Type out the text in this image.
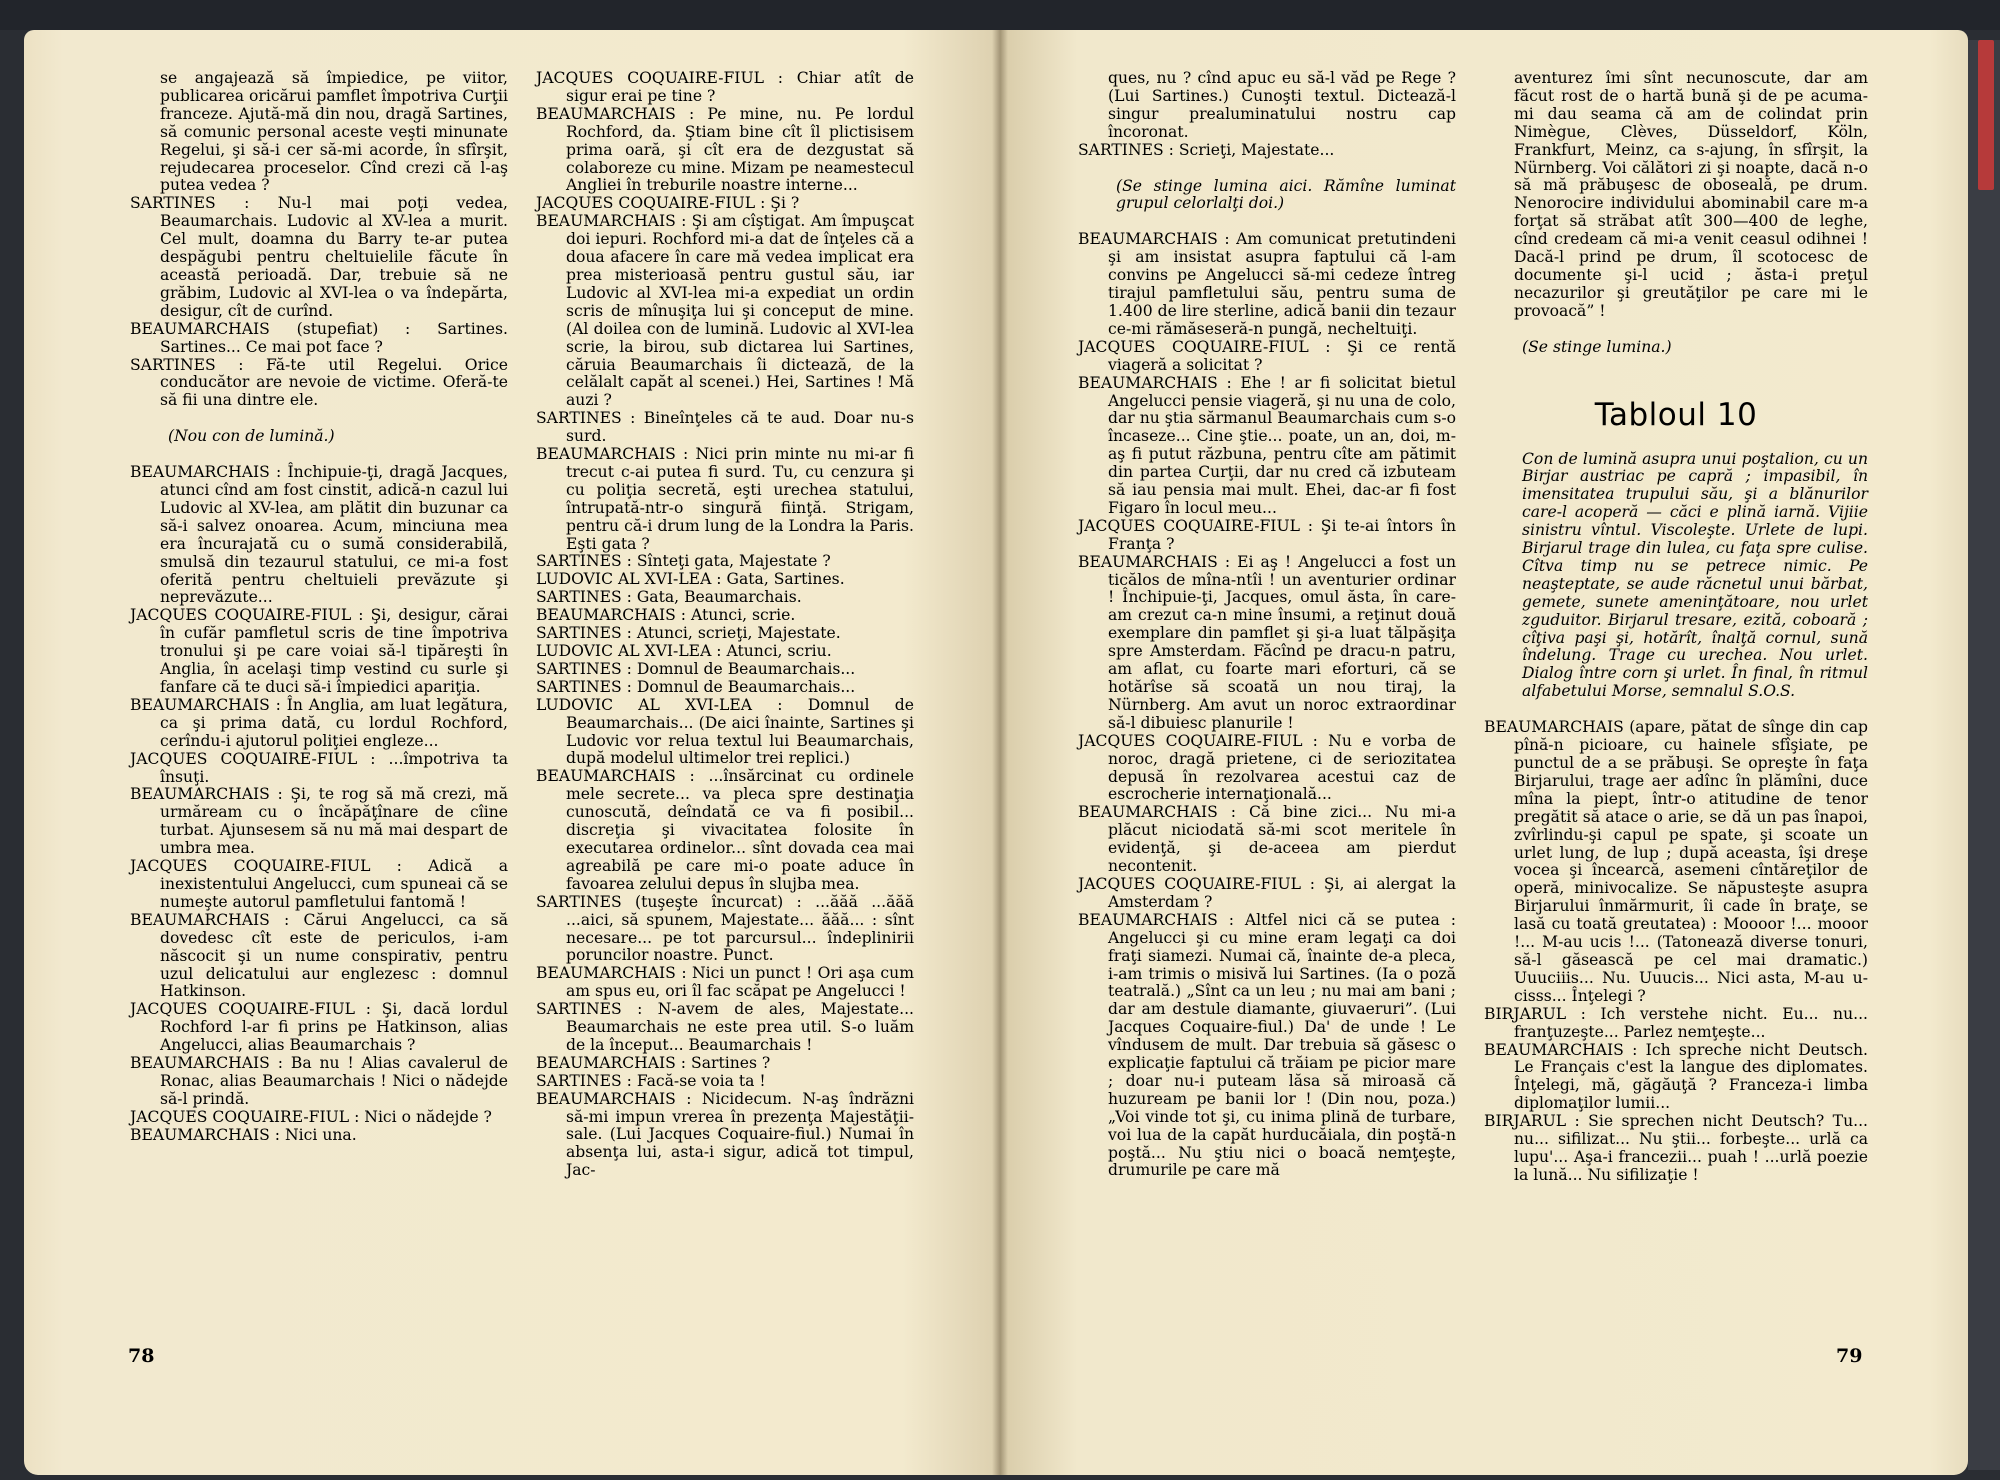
se angajează să împiedice, pe viitor, publicarea oricărui pamflet împotriva Curţii franceze. Ajută-mă din nou, dragă Sartines, să comunic personal aceste veşti minunate Regelui, şi să-i cer să-mi acorde, în sfîrşit, rejudecarea proceselor. Cînd crezi că l-aş putea vedea ?
SARTINES : Nu-l mai poţi vedea, Beaumarchais. Ludovic al XV-lea a murit. Cel mult, doamna du Barry te-ar putea despăgubi pentru cheltuielile făcute în această perioadă. Dar, trebuie să ne grăbim, Ludovic al XVI-lea o va îndepărta, desigur, cît de curînd.
BEAUMARCHAIS (stupefiat) : Sartines. Sartines... Ce mai pot face ?
SARTINES : Fă-te util Regelui. Orice conducător are nevoie de victime. Oferă-te să fii una dintre ele.
(Nou con de lumină.)
BEAUMARCHAIS : Închipuie-ţi, dragă Jacques, atunci cînd am fost cinstit, adică-n cazul lui Ludovic al XV-lea, am plătit din buzunar ca să-i salvez onoarea. Acum, minciuna mea era încurajată cu o sumă considerabilă, smulsă din tezaurul statului, ce mi-a fost oferită pentru cheltuieli prevăzute şi neprevăzute...
JACQUES COQUAIRE-FIUL : Şi, desigur, cărai în cufăr pamfletul scris de tine împotriva tronului şi pe care voiai să-l tipăreşti în Anglia, în acelaşi timp vestind cu surle şi fanfare că te duci să-i împiedici apariţia.
BEAUMARCHAIS : În Anglia, am luat legătura, ca şi prima dată, cu lordul Rochford, cerîndu-i ajutorul poliţiei engleze...
JACQUES COQUAIRE-FIUL : ...împotriva ta însuţi.
BEAUMARCHAIS : Şi, te rog să mă crezi, mă urmăream cu o încăpăţînare de cîine turbat. Ajunsesem să nu mă mai despart de umbra mea.
JACQUES COQUAIRE-FIUL : Adică a inexistentului Angelucci, cum spuneai că se numeşte autorul pamfletului fantomă !
BEAUMARCHAIS : Cărui Angelucci, ca să dovedesc cît este de periculos, i-am născocit şi un nume conspirativ, pentru uzul delicatului aur englezesc : domnul Hatkinson.
JACQUES COQUAIRE-FIUL : Şi, dacă lordul Rochford l-ar fi prins pe Hatkinson, alias Angelucci, alias Beaumarchais ?
BEAUMARCHAIS : Ba nu ! Alias cavalerul de Ronac, alias Beaumarchais ! Nici o nădejde să-l prindă.
JACQUES COQUAIRE-FIUL : Nici o nădejde ?
BEAUMARCHAIS : Nici una.
JACQUES COQUAIRE-FIUL : Chiar atît de sigur erai pe tine ?
BEAUMARCHAIS : Pe mine, nu. Pe lordul Rochford, da. Ştiam bine cît îl plictisisem prima oară, şi cît era de dezgustat să colaboreze cu mine. Mizam pe neamestecul Angliei în treburile noastre interne...
JACQUES COQUAIRE-FIUL : Şi ?
BEAUMARCHAIS : Şi am cîştigat. Am împuşcat doi iepuri. Rochford mi-a dat de înţeles că a doua afacere în care mă vedea implicat era prea misterioasă pentru gustul său, iar Ludovic al XVI-lea mi-a expediat un ordin scris de mînuşiţa lui şi conceput de mine. (Al doilea con de lumină. Ludovic al XVI-lea scrie, la birou, sub dictarea lui Sartines, căruia Beaumarchais îi dictează, de la celălalt capăt al scenei.) Hei, Sartines ! Mă auzi ?
SARTINES : Bineînţeles că te aud. Doar nu-s surd.
BEAUMARCHAIS : Nici prin minte nu mi-ar fi trecut c-ai putea fi surd. Tu, cu cenzura şi cu poliţia secretă, eşti urechea statului, întrupată-ntr-o singură fiinţă. Strigam, pentru că-i drum lung de la Londra la Paris. Eşti gata ?
SARTINES : Sînteţi gata, Majestate ?
LUDOVIC AL XVI-LEA : Gata, Sartines.
SARTINES : Gata, Beaumarchais.
BEAUMARCHAIS : Atunci, scrie.
SARTINES : Atunci, scrieţi, Majestate.
LUDOVIC AL XVI-LEA : Atunci, scriu.
SARTINES : Domnul de Beaumarchais...
SARTINES : Domnul de Beaumarchais...
LUDOVIC AL XVI-LEA : Domnul de Beaumarchais... (De aici înainte, Sartines şi Ludovic vor relua textul lui Beaumarchais, după modelul ultimelor trei replici.)
BEAUMARCHAIS : ...însărcinat cu ordinele mele secrete... va pleca spre destinaţia cunoscută, deîndată ce va fi posibil... discreţia şi vivacitatea folosite în executarea ordinelor... sînt dovada cea mai agreabilă pe care mi-o poate aduce în favoarea zelului depus în slujba mea.
SARTINES (tuşeşte încurcat) : ...ăăă ...ăăă ...aici, să spunem, Majestate... ăăă... : sînt necesare... pe tot parcursul... îndeplinirii poruncilor noastre. Punct.
BEAUMARCHAIS : Nici un punct ! Ori aşa cum am spus eu, ori îl fac scăpat pe Angelucci !
SARTINES : N-avem de ales, Majestate... Beaumarchais ne este prea util. S-o luăm de la început... Beaumarchais !
BEAUMARCHAIS : Sartines ?
SARTINES : Facă-se voia ta !
BEAUMARCHAIS : Nicidecum. N-aş îndrăzni să-mi impun vrerea în prezenţa Majestăţii-sale. (Lui Jacques Coquaire-fiul.) Numai în absenţa lui, asta-i sigur, adică tot timpul, Jac-
ques, nu ? cînd apuc eu să-l văd pe Rege ? (Lui Sartines.) Cunoşti textul. Dictează-l singur prealuminatului nostru cap încoronat.
SARTINES : Scrieţi, Majestate...
(Se stinge lumina aici. Rămîne luminat grupul celorlalţi doi.)
BEAUMARCHAIS : Am comunicat pretutindeni şi am insistat asupra faptului că l-am convins pe Angelucci să-mi cedeze întreg tirajul pamfletului său, pentru suma de 1.400 de lire sterline, adică banii din tezaur ce-mi rămăseseră-n pungă, necheltuiţi.
JACQUES COQUAIRE-FIUL : Şi ce rentă viageră a solicitat ?
BEAUMARCHAIS : Ehe ! ar fi solicitat bietul Angelucci pensie viageră, şi nu una de colo, dar nu ştia sărmanul Beaumarchais cum s-o încaseze... Cine ştie... poate, un an, doi, m-aş fi putut răzbuna, pentru cîte am pătimit din partea Curţii, dar nu cred că izbuteam să iau pensia mai mult. Ehei, dac-ar fi fost Figaro în locul meu...
JACQUES COQUAIRE-FIUL : Şi te-ai întors în Franţa ?
BEAUMARCHAIS : Ei aş ! Angelucci a fost un ticălos de mîna-ntîi ! un aventurier ordinar ! Închipuie-ţi, Jacques, omul ăsta, în care-am crezut ca-n mine însumi, a reţinut două exemplare din pamflet şi şi-a luat tălpăşiţa spre Amsterdam. Făcînd pe dracu-n patru, am aflat, cu foarte mari eforturi, că se hotărîse să scoată un nou tiraj, la Nürnberg. Am avut un noroc extraordinar să-l dibuiesc planurile !
JACQUES COQUAIRE-FIUL : Nu e vorba de noroc, dragă prietene, ci de seriozitatea depusă în rezolvarea acestui caz de escrocherie internaţională...
BEAUMARCHAIS : Că bine zici... Nu mi-a plăcut niciodată să-mi scot meritele în evidenţă, şi de-aceea am pierdut necontenit.
JACQUES COQUAIRE-FIUL : Şi, ai alergat la Amsterdam ?
BEAUMARCHAIS : Altfel nici că se putea : Angelucci şi cu mine eram legaţi ca doi fraţi siamezi. Numai că, înainte de-a pleca, i-am trimis o misivă lui Sartines. (Ia o poză teatrală.) „Sînt ca un leu ; nu mai am bani ; dar am destule diamante, giuvaeruri”. (Lui Jacques Coquaire-fiul.) Da' de unde ! Le vîndusem de mult. Dar trebuia să găsesc o explicaţie faptului că trăiam pe picior mare ; doar nu-i puteam lăsa să miroasă că huzuream pe banii lor ! (Din nou, poza.) „Voi vinde tot şi, cu inima plină de turbare, voi lua de la capăt hurducăiala, din poştă-n poştă... Nu ştiu nici o boacă nemţeşte, drumurile pe care mă
aventurez îmi sînt necunoscute, dar am făcut rost de o hartă bună şi de pe acuma-mi dau seama că am de colindat prin Nimègue, Clèves, Düsseldorf, Köln, Frankfurt, Meinz, ca s-ajung, în sfîrşit, la Nürnberg. Voi călători zi şi noapte, dacă n-o să mă prăbuşesc de oboseală, pe drum. Nenorocire individului abominabil care m-a forţat să străbat atît 300—400 de leghe, cînd credeam că mi-a venit ceasul odihnei ! Dacă-l prind pe drum, îl scotocesc de documente şi-l ucid ; ăsta-i preţul necazurilor şi greutăţilor pe care mi le provoacă” !
(Se stinge lumina.)
Tabloul 10
Con de lumină asupra unui poştalion, cu un Birjar austriac pe capră ; impasibil, în imensitatea trupului său, şi a blănurilor care-l acoperă — căci e plină iarnă. Vijiie sinistru vîntul. Viscoleşte. Urlete de lupi. Birjarul trage din lulea, cu faţa spre culise. Cîtva timp nu se petrece nimic. Pe neaşteptate, se aude răcnetul unui bărbat, gemete, sunete ameninţătoare, nou urlet zguduitor. Birjarul tresare, ezită, coboară ; cîţiva paşi şi, hotărît, înalţă cornul, sună îndelung. Trage cu urechea. Nou urlet. Dialog între corn şi urlet. În final, în ritmul alfabetului Morse, semnalul S.O.S.
BEAUMARCHAIS (apare, pătat de sînge din cap pînă-n picioare, cu hainele sfîşiate, pe punctul de a se prăbuşi. Se opreşte în faţa Birjarului, trage aer adînc în plămîni, duce mîna la piept, într-o atitudine de tenor pregătit să atace o arie, se dă un pas înapoi, zvîrlindu-şi capul pe spate, şi scoate un urlet lung, de lup ; după aceasta, îşi dreşe vocea şi încearcă, asemeni cîntăreţilor de operă, minivocalize. Se năpusteşte asupra Birjarului înmărmurit, îi cade în braţe, se lasă cu toată greutatea) : Moooor !... mooor !... M-au ucis !... (Tatonează diverse tonuri, să-l găsească pe cel mai dramatic.) Uuuciiis... Nu. Uuucis... Nici asta, M-au u-cisss... Înţelegi ?
BIRJARUL : Ich verstehe nicht. Eu... nu... franţuzeşte... Parlez nemţeşte...
BEAUMARCHAIS : Ich spreche nicht Deutsch. Le Français c'est la langue des diplomates. Înţelegi, mă, găgăuţă ? Franceza-i limba diplomaţilor lumii...
BIRJARUL : Sie sprechen nicht Deutsch? Tu... nu... sifilizat... Nu ştii... forbeşte... urlă ca lupu'... Aşa-i francezii... puah ! ...urlă poezie la lună... Nu sifilizaţie !
78	79
